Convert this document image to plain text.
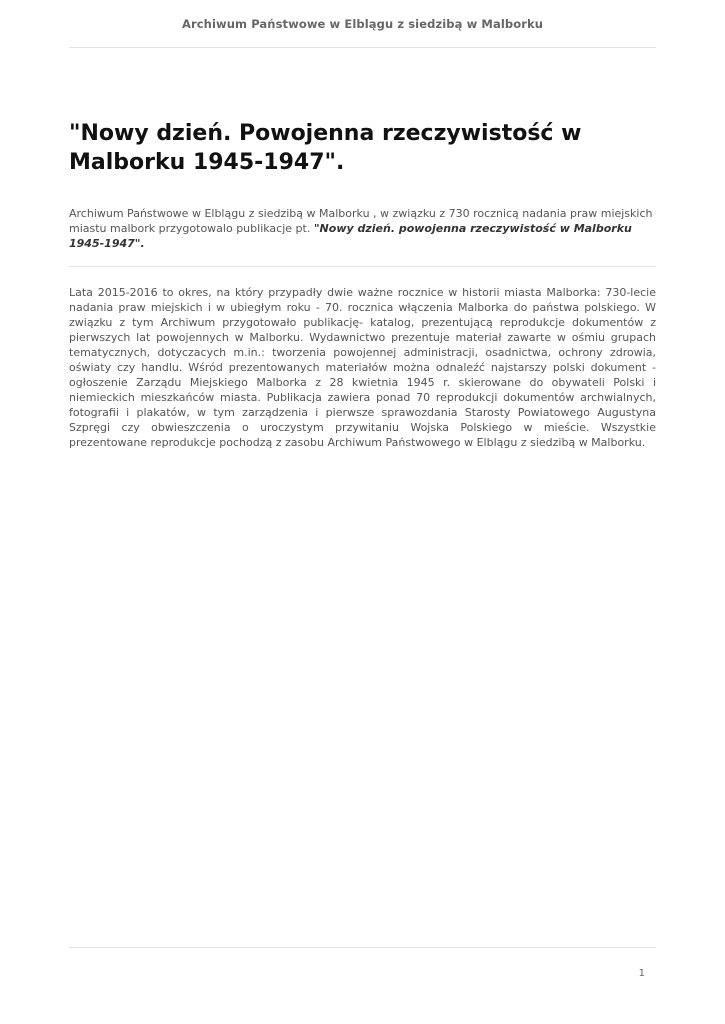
Archiwum Państwowe w Elblągu z siedzibą w Malborku
"Nowy dzień. Powojenna rzeczywistość w Malborku 1945-1947".

Archiwum Państwowe w Elblągu z siedzibą w Malborku , w związku z 730 rocznicą nadania praw miejskich miastu malbork przygotowalo publikacje pt. "Nowy dzień. powojenna rzeczywistość w Malborku 1945-1947".

Lata 2015-2016 to okres, na który przypadły dwie ważne rocznice w historii miasta Malborka: 730-lecie nadania praw miejskich i w ubiegłym roku - 70. rocznica włączenia Malborka do państwa polskiego. W związku z tym Archiwum przygotowało publikację- katalog, prezentującą reprodukcje dokumentów z pierwszych lat powojennych w Malborku. Wydawnictwo prezentuje materiał zawarte w ośmiu grupach tematycznych, dotyczacych m.in.: tworzenia powojennej administracji, osadnictwa, ochrony zdrowia, oświaty czy handlu. Wśród prezentowanych materiałów można odnaleźć najstarszy polski dokument - ogłoszenie Zarządu Miejskiego Malborka z 28 kwietnia 1945 r. skierowane do obywateli Polski i niemieckich mieszkańców miasta. Publikacja zawiera ponad 70 reprodukcji dokumentów archwialnych, fotografii i plakatów, w tym zarządzenia i pierwsze sprawozdania Starosty Powiatowego Augustyna Szpręgi czy obwieszczenia o uroczystym przywitaniu Wojska Polskiego w mieście. Wszystkie prezentowane reprodukcje pochodzą z zasobu Archiwum Państwowego w Elblągu z siedzibą w Malborku.

1
